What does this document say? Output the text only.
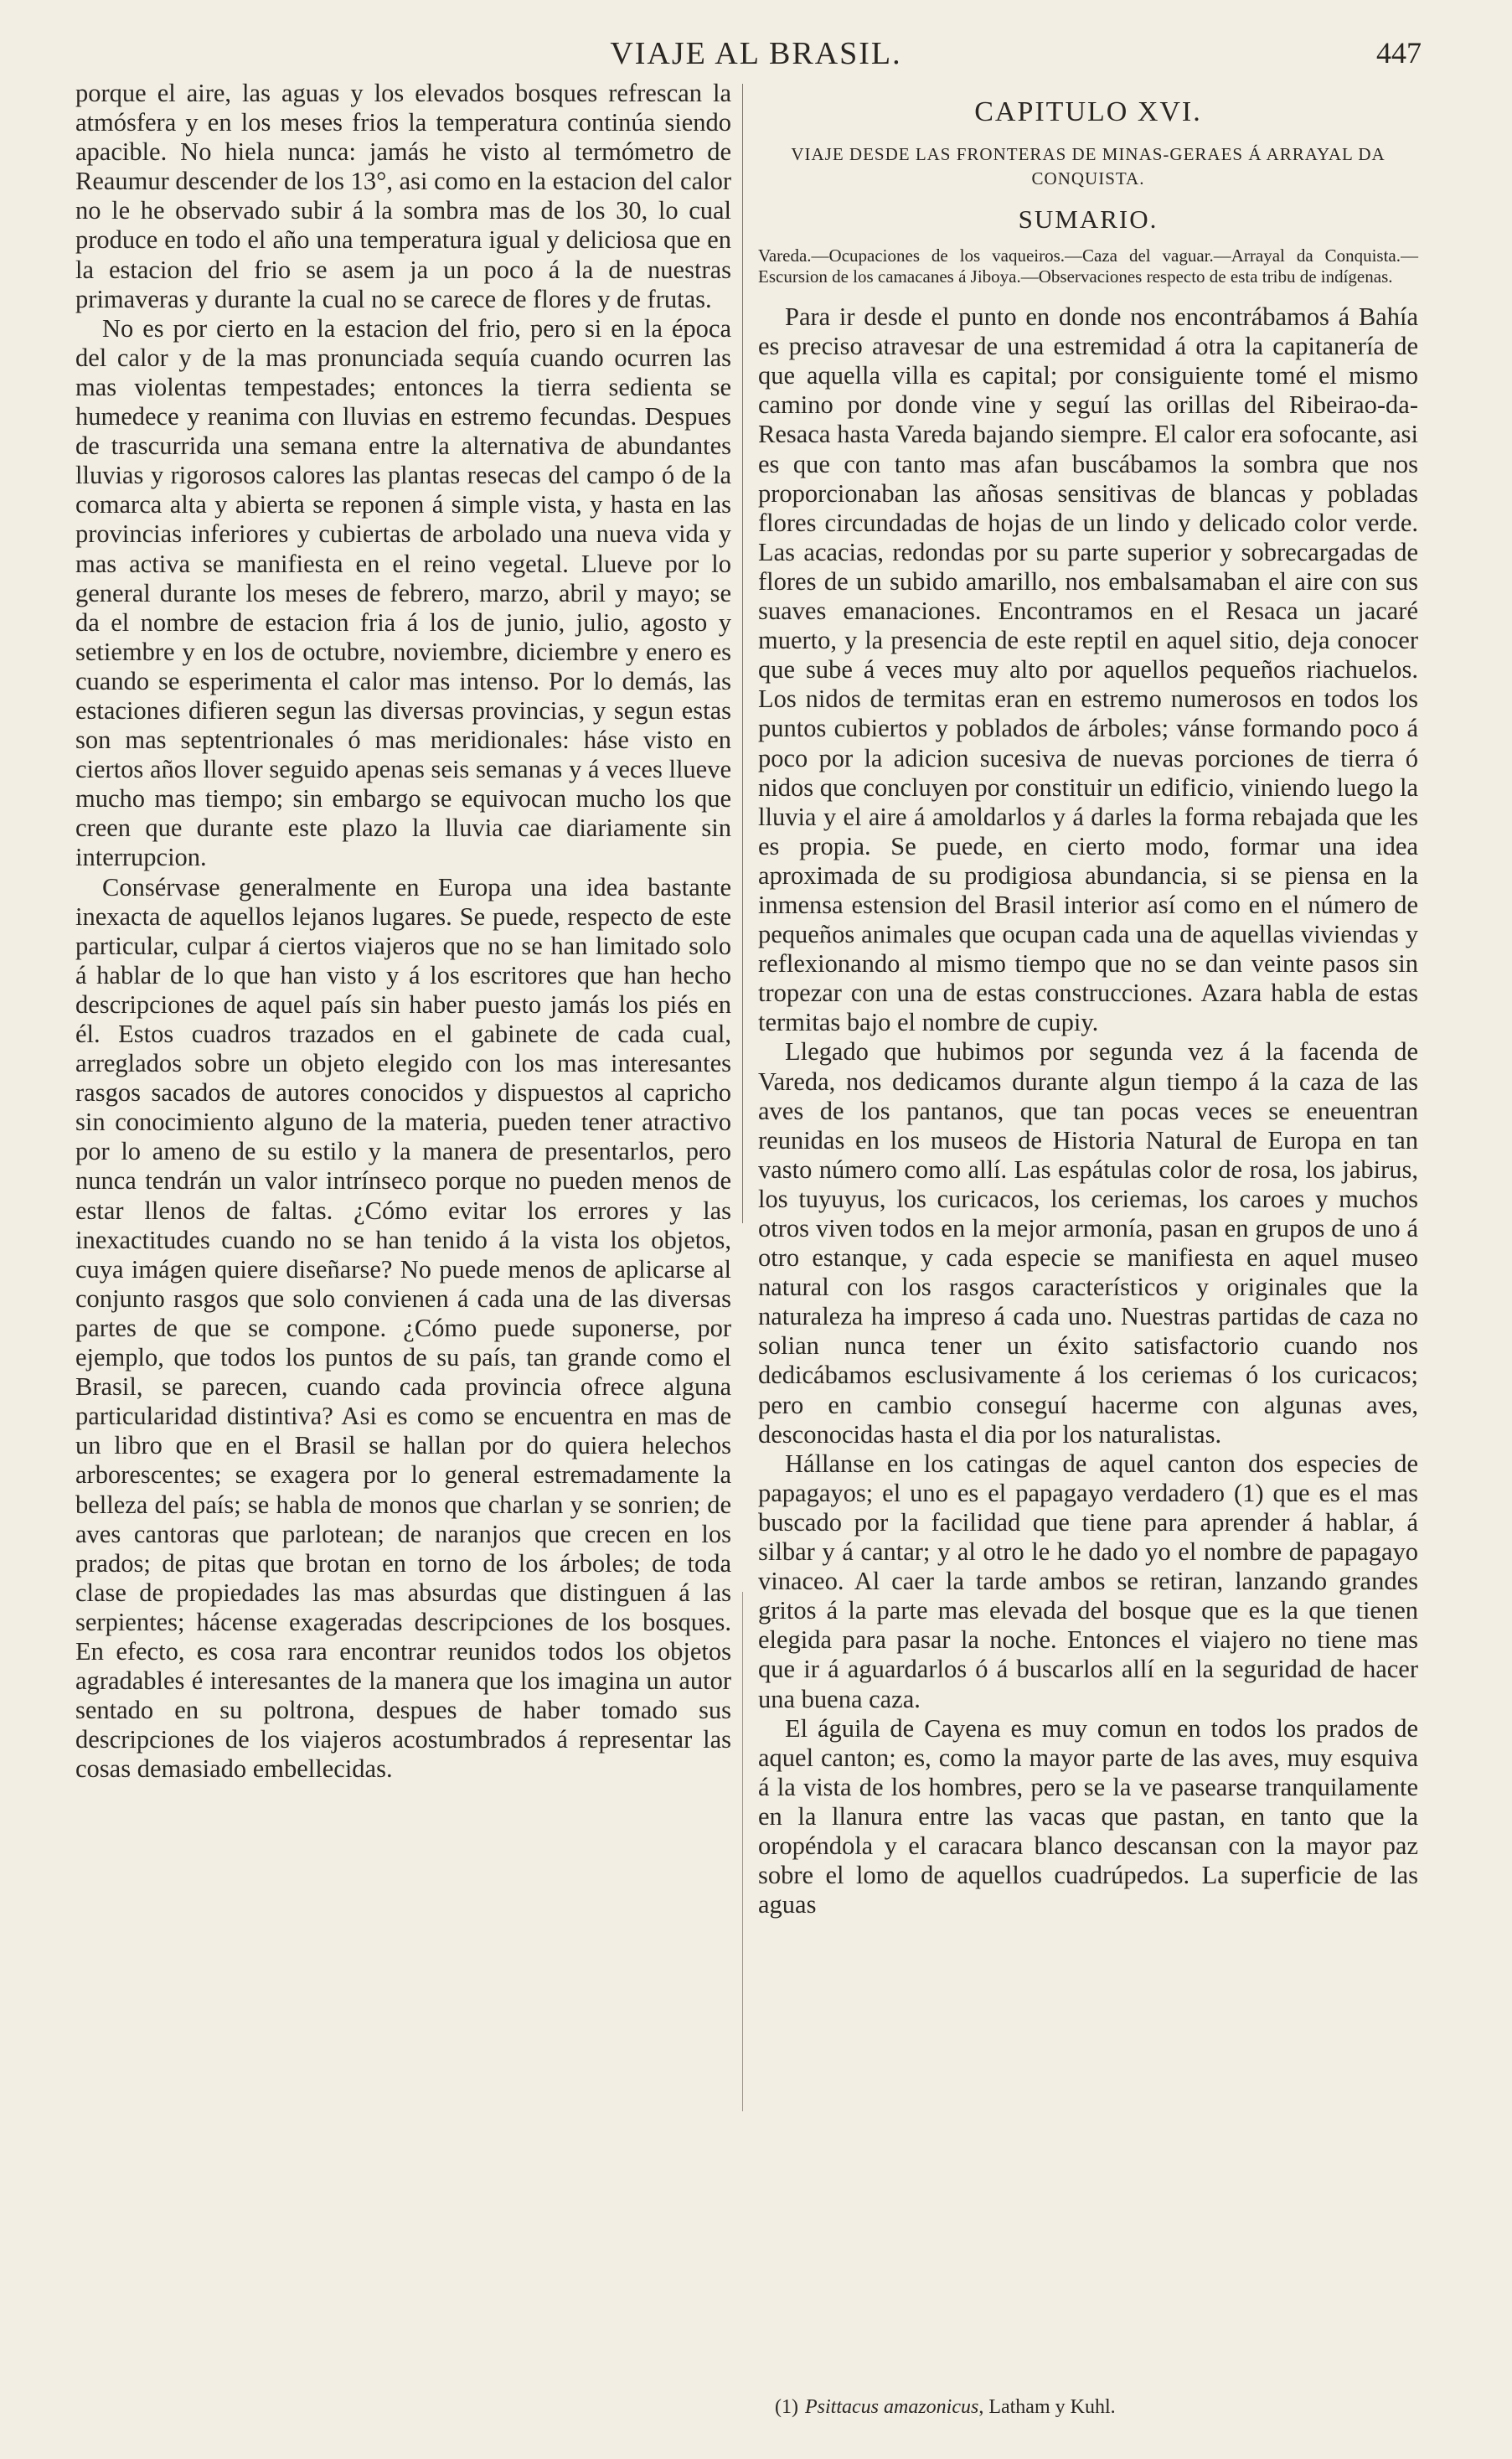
VIAJE AL BRASIL.	447

porque el aire, las aguas y los elevados bosques refrescan la atmósfera y en los meses frios la temperatura continúa siendo apacible. No hiela nunca: jamás he visto al termómetro de Reaumur descender de los 13°, asi como en la estacion del calor no le he observado subir á la sombra mas de los 30, lo cual produce en todo el año una temperatura igual y deliciosa que en la estacion del frio se asem ja un poco á la de nuestras primaveras y durante la cual no se carece de flores y de frutas.

No es por cierto en la estacion del frio, pero si en la época del calor y de la mas pronunciada sequía cuando ocurren las mas violentas tempestades; entonces la tierra sedienta se humedece y reanima con lluvias en estremo fecundas. Despues de trascurrida una semana entre la alternativa de abundantes lluvias y rigorosos calores las plantas resecas del campo ó de la comarca alta y abierta se reponen á simple vista, y hasta en las provincias inferiores y cubiertas de arbolado una nueva vida y mas activa se manifiesta en el reino vegetal. Llueve por lo general durante los meses de febrero, marzo, abril y mayo; se da el nombre de estacion fria á los de junio, julio, agosto y setiembre y en los de octubre, noviembre, diciembre y enero es cuando se esperimenta el calor mas intenso. Por lo demás, las estaciones difieren segun las diversas provincias, y segun estas son mas septentrionales ó mas meridionales: háse visto en ciertos años llover seguido apenas seis semanas y á veces llueve mucho mas tiempo; sin embargo se equivocan mucho los que creen que durante este plazo la lluvia cae diariamente sin interrupcion.

Consérvase generalmente en Europa una idea bastante inexacta de aquellos lejanos lugares. Se puede, respecto de este particular, culpar á ciertos viajeros que no se han limitado solo á hablar de lo que han visto y á los escritores que han hecho descripciones de aquel país sin haber puesto jamás los piés en él. Estos cuadros trazados en el gabinete de cada cual, arreglados sobre un objeto elegido con los mas interesantes rasgos sacados de autores conocidos y dispuestos al capricho sin conocimiento alguno de la materia, pueden tener atractivo por lo ameno de su estilo y la manera de presentarlos, pero nunca tendrán un valor intrínseco porque no pueden menos de estar llenos de faltas. ¿Cómo evitar los errores y las inexactitudes cuando no se han tenido á la vista los objetos, cuya imágen quiere diseñarse? No puede menos de aplicarse al conjunto rasgos que solo convienen á cada una de las diversas partes de que se compone. ¿Cómo puede suponerse, por ejemplo, que todos los puntos de su país, tan grande como el Brasil, se parecen, cuando cada provincia ofrece alguna particularidad distintiva? Asi es como se encuentra en mas de un libro que en el Brasil se hallan por do quiera helechos arborescentes; se exagera por lo general estremadamente la belleza del país; se habla de monos que charlan y se sonrien; de aves cantoras que parlotean; de naranjos que crecen en los prados; de pitas que brotan en torno de los árboles; de toda clase de propiedades las mas absurdas que distinguen á las serpientes; hácense exageradas descripciones de los bosques. En efecto, es cosa rara encontrar reunidos todos los objetos agradables é interesantes de la manera que los imagina un autor sentado en su poltrona, despues de haber tomado sus descripciones de los viajeros acostumbrados á representar las cosas demasiado embellecidas.

CAPITULO XVI.
VIAJE DESDE LAS FRONTERAS DE MINAS-GERAES Á ARRAYAL DA CONQUISTA.
SUMARIO.
Vareda.—Ocupaciones de los vaqueiros.—Caza del vaguar.—Arrayal da Conquista.—Escursion de los camacanes á Jiboya.—Observaciones respecto de esta tribu de indígenas.

Para ir desde el punto en donde nos encontrábamos á Bahía es preciso atravesar de una estremidad á otra la capitanería de que aquella villa es capital; por consiguiente tomé el mismo camino por donde vine y seguí las orillas del Ribeirao-da-Resaca hasta Vareda bajando siempre. El calor era sofocante, asi es que con tanto mas afan buscábamos la sombra que nos proporcionaban las añosas sensitivas de blancas y pobladas flores circundadas de hojas de un lindo y delicado color verde. Las acacias, redondas por su parte superior y sobrecargadas de flores de un subido amarillo, nos embalsamaban el aire con sus suaves emanaciones. Encontramos en el Resaca un jacaré muerto, y la presencia de este reptil en aquel sitio, deja conocer que sube á veces muy alto por aquellos pequeños riachuelos. Los nidos de termitas eran en estremo numerosos en todos los puntos cubiertos y poblados de árboles; vánse formando poco á poco por la adicion sucesiva de nuevas porciones de tierra ó nidos que concluyen por constituir un edificio, viniendo luego la lluvia y el aire á amoldarlos y á darles la forma rebajada que les es propia. Se puede, en cierto modo, formar una idea aproximada de su prodigiosa abundancia, si se piensa en la inmensa estension del Brasil interior así como en el número de pequeños animales que ocupan cada una de aquellas viviendas y reflexionando al mismo tiempo que no se dan veinte pasos sin tropezar con una de estas construcciones. Azara habla de estas termitas bajo el nombre de cupiy.

Llegado que hubimos por segunda vez á la facenda de Vareda, nos dedicamos durante algun tiempo á la caza de las aves de los pantanos, que tan pocas veces se eneuentran reunidas en los museos de Historia Natural de Europa en tan vasto número como allí. Las espátulas color de rosa, los jabirus, los tuyuyus, los curicacos, los ceriemas, los caroes y muchos otros viven todos en la mejor armonía, pasan en grupos de uno á otro estanque, y cada especie se manifiesta en aquel museo natural con los rasgos característicos y originales que la naturaleza ha impreso á cada uno. Nuestras partidas de caza no solian nunca tener un éxito satisfactorio cuando nos dedicábamos esclusivamente á los ceriemas ó los curicacos; pero en cambio conseguí hacerme con algunas aves, desconocidas hasta el dia por los naturalistas.

Hállanse en los catingas de aquel canton dos especies de papagayos; el uno es el papagayo verdadero (1) que es el mas buscado por la facilidad que tiene para aprender á hablar, á silbar y á cantar; y al otro le he dado yo el nombre de papagayo vinaceo. Al caer la tarde ambos se retiran, lanzando grandes gritos á la parte mas elevada del bosque que es la que tienen elegida para pasar la noche. Entonces el viajero no tiene mas que ir á aguardarlos ó á buscarlos allí en la seguridad de hacer una buena caza.

El águila de Cayena es muy comun en todos los prados de aquel canton; es, como la mayor parte de las aves, muy esquiva á la vista de los hombres, pero se la ve pasearse tranquilamente en la llanura entre las vacas que pastan, en tanto que la oropéndola y el caracara blanco descansan con la mayor paz sobre el lomo de aquellos cuadrúpedos. La superficie de las aguas

(1) Psittacus amazonicus, Latham y Kuhl.
